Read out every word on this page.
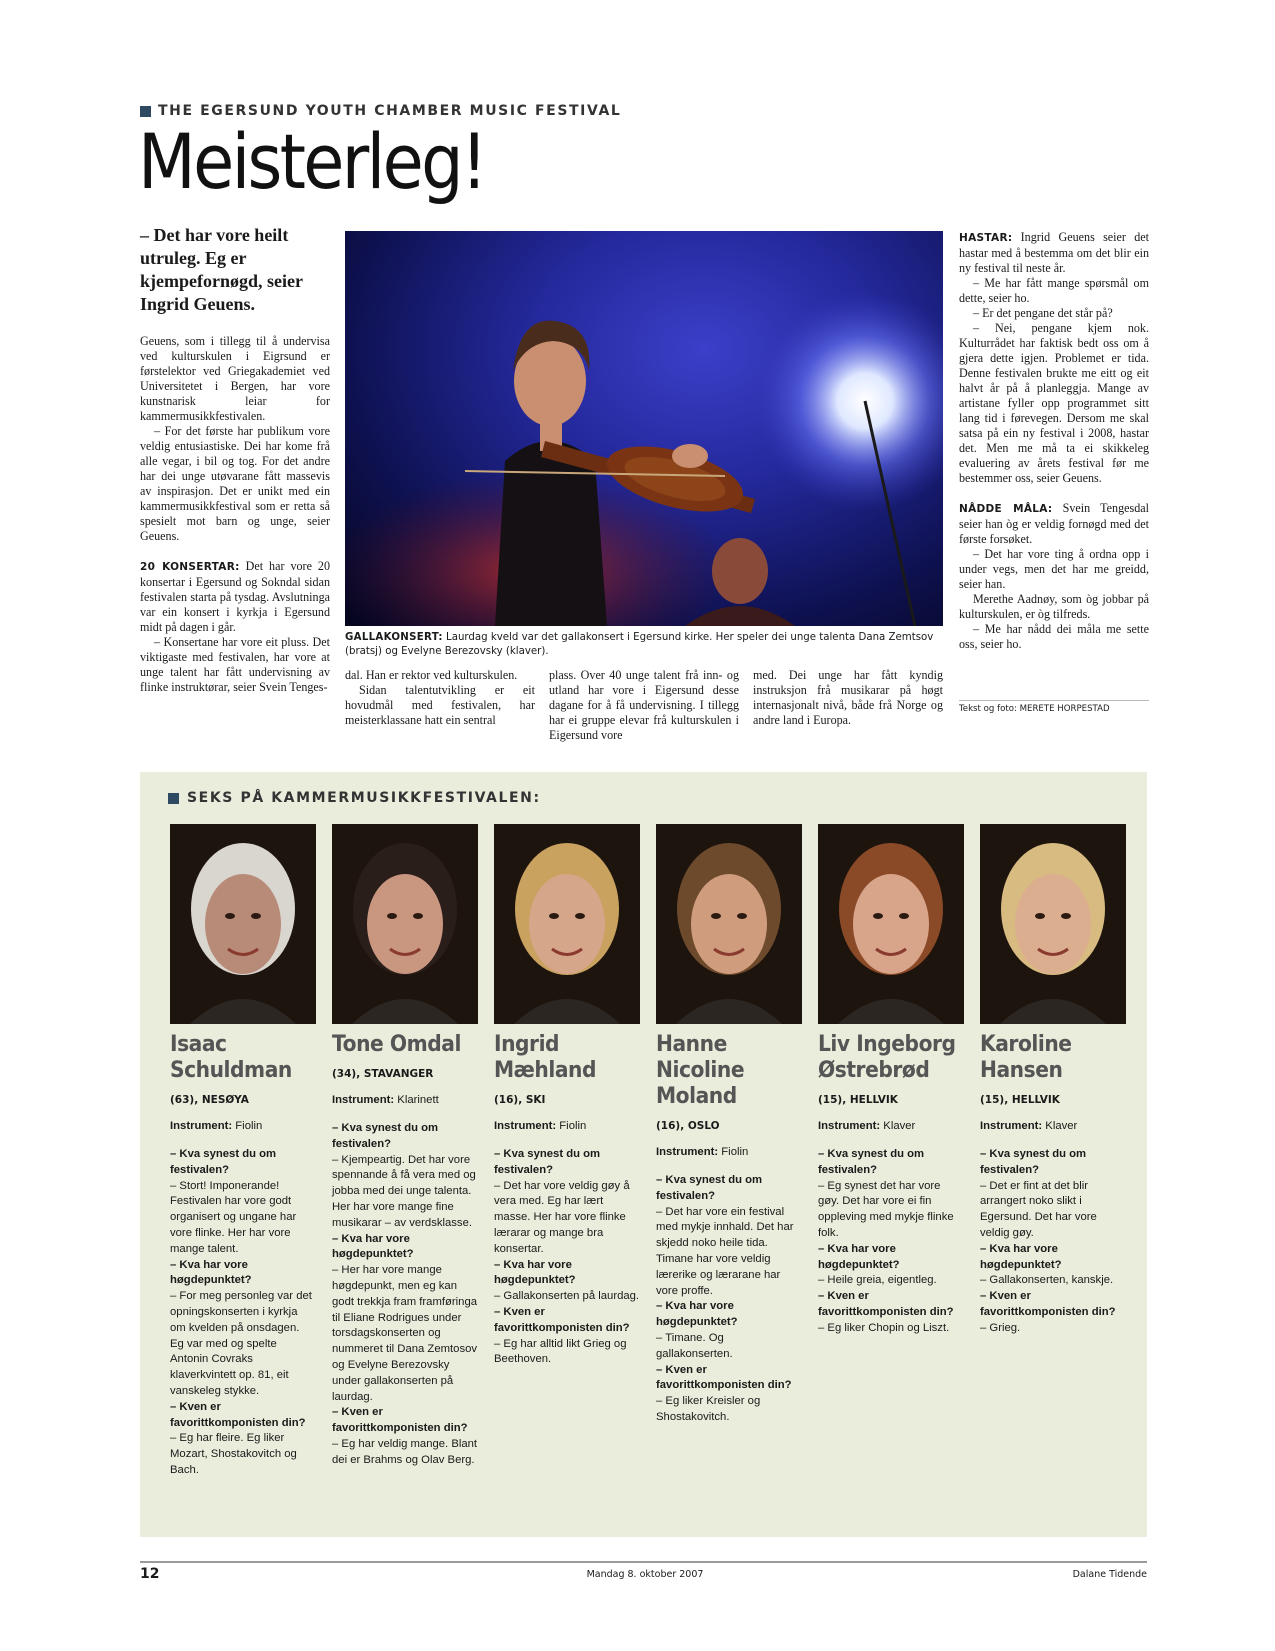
THE EGERSUND YOUTH CHAMBER MUSIC FESTIVAL
Meisterleg!
– Det har vore heilt utruleg. Eg er kjempefornøgd, seier Ingrid Geuens.

Geuens, som i tillegg til å undervisa ved kulturskulen i Eigrsund er førstelektor ved Griegakademiet ved Universitetet i Bergen, har vore kunstnarisk leiar for kammermusikkfestivalen.

– For det første har publikum vore veldig entusiastiske. Dei har kome frå alle vegar, i bil og tog. For det andre har dei unge utøvarane fått massevis av inspirasjon. Det er unikt med ein kammermusikkfestival som er retta så spesielt mot barn og unge, seier Geuens.

20 KONSERTAR: Det har vore 20 konsertar i Egersund og Sokndal sidan festivalen starta på tysdag. Avslutninga var ein konsert i kyrkja i Egersund midt på dagen i går.

– Konsertane har vore eit pluss. Det viktigaste med festivalen, har vore at unge talent har fått undervisning av flinke instruktørar, seier Svein Tenges-

GALLAKONSERT: Laurdag kveld var det gallakonsert i Egersund kirke. Her speler dei unge talenta Dana Zemtsov (bratsj) og Evelyne Berezovsky (klaver).

dal. Han er rektor ved kulturskulen.

Sidan talentutvikling er eit hovudmål med festivalen, har meisterklassane hatt ein sentral

plass. Over 40 unge talent frå inn- og utland har vore i Eigersund desse dagane for å få undervisning. I tillegg har ei gruppe elevar frå kulturskulen i Eigersund vore

med. Dei unge har fått kyndig instruksjon frå musikarar på høgt internasjonalt nivå, både frå Norge og andre land i Europa.

HASTAR: Ingrid Geuens seier det hastar med å bestemma om det blir ein ny festival til neste år.

– Me har fått mange spørsmål om dette, seier ho.

– Er det pengane det står på?

– Nei, pengane kjem nok. Kulturrådet har faktisk bedt oss om å gjera dette igjen. Problemet er tida. Denne festivalen brukte me eitt og eit halvt år på å planleggja. Mange av artistane fyller opp programmet sitt lang tid i førevegen. Dersom me skal satsa på ein ny festival i 2008, hastar det. Men me må ta ei skikkeleg evaluering av årets festival før me bestemmer oss, seier Geuens.

NÅDDE MÅLA: Svein Tengesdal seier han òg er veldig fornøgd med det første forsøket.

– Det har vore ting å ordna opp i under vegs, men det har me greidd, seier han.

Merethe Aadnøy, som òg jobbar på kulturskulen, er òg tilfreds.

– Me har nådd dei måla me sette oss, seier ho.

Tekst og foto: MERETE HORPESTAD
SEKS PÅ KAMMERMUSIKKFESTIVALEN:
Isaac Schuldman
(63), NESØYA
Instrument: Fiolin
– Kva synest du om festivalen?
– Stort! Imponerande! Festivalen har vore godt organisert og ungane har vore flinke. Her har vore mange talent.
– Kva har vore høgdepunktet?
– For meg personleg var det opningskonserten i kyrkja om kvelden på onsdagen. Eg var med og spelte Antonin Covraks klaverkvintett op. 81, eit vanskeleg stykke.
– Kven er favorittkomponisten din?
– Eg har fleire. Eg liker Mozart, Shostakovitch og Bach.
Tone Omdal
(34), STAVANGER
Instrument: Klarinett
– Kva synest du om festivalen?
– Kjempeartig. Det har vore spennande å få vera med og jobba med dei unge talenta. Her har vore mange fine musikarar – av verdsklasse.
– Kva har vore høgdepunktet?
– Her har vore mange høgdepunkt, men eg kan godt trekkja fram framføringa til Eliane Rodrigues under torsdagskonserten og nummeret til Dana Zemtosov og Evelyne Berezovsky under gallakonserten på laurdag.
– Kven er favorittkomponisten din?
– Eg har veldig mange. Blant dei er Brahms og Olav Berg.
Ingrid Mæhland
(16), SKI
Instrument: Fiolin
– Kva synest du om festivalen?
– Det har vore veldig gøy å vera med. Eg har lært masse. Her har vore flinke lærarar og mange bra konsertar.
– Kva har vore høgdepunktet?
– Gallakonserten på laurdag.
– Kven er favorittkomponisten din?
– Eg har alltid likt Grieg og Beethoven.
Hanne Nicoline Moland
(16), OSLO
Instrument: Fiolin
– Kva synest du om festivalen?
– Det har vore ein festival med mykje innhald. Det har skjedd noko heile tida. Timane har vore veldig lærerike og lærarane har vore proffe.
– Kva har vore høgdepunktet?
– Timane. Og gallakonserten.
– Kven er favorittkomponisten din?
– Eg liker Kreisler og Shostakovitch.
Liv Ingeborg Østrebrød
(15), HELLVIK
Instrument: Klaver
– Kva synest du om festivalen?
– Eg synest det har vore gøy. Det har vore ei fin oppleving med mykje flinke folk.
– Kva har vore høgdepunktet?
– Heile greia, eigentleg.
– Kven er favorittkomponisten din?
– Eg liker Chopin og Liszt.
Karoline Hansen
(15), HELLVIK
Instrument: Klaver
– Kva synest du om festivalen?
– Det er fint at det blir arrangert noko slikt i Egersund. Det har vore veldig gøy.
– Kva har vore høgdepunktet?
– Gallakonserten, kanskje.
– Kven er favorittkomponisten din?
– Grieg.
12	Mandag 8. oktober 2007	Dalane Tidende
